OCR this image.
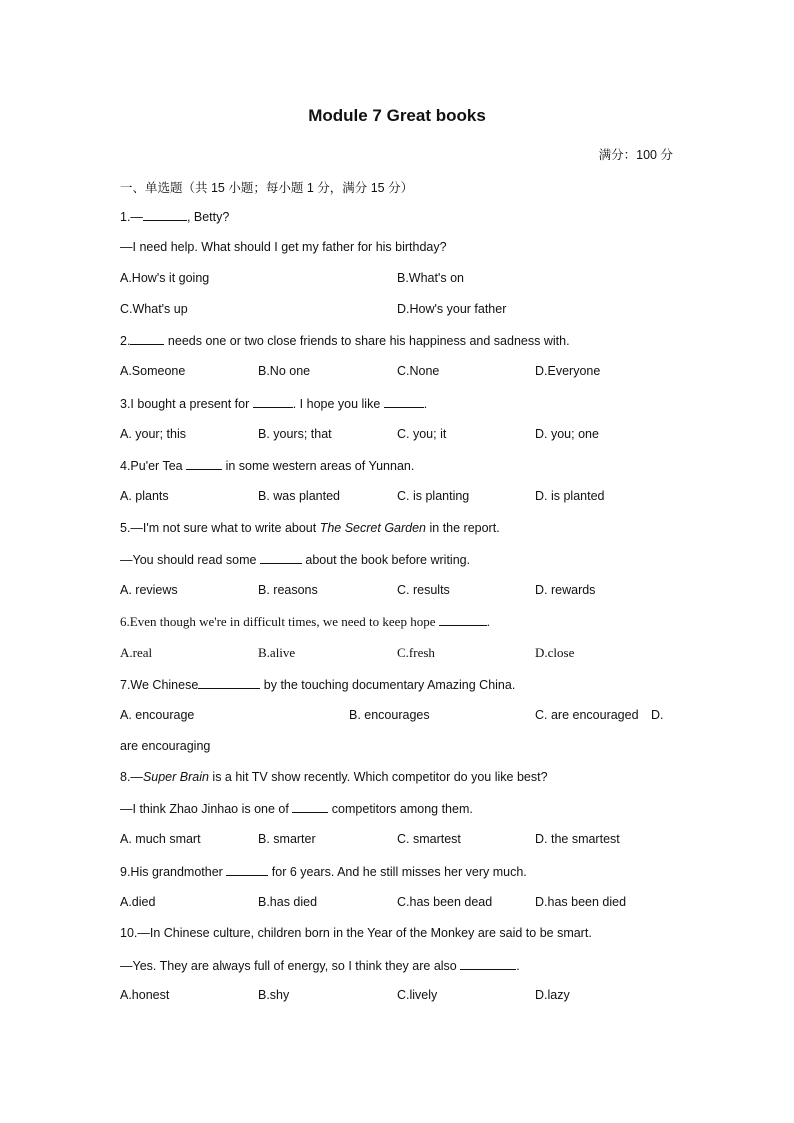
Module 7 Great books
满分：100 分
一、单选题（共 15 小题；每小题 1 分，满分 15 分）
1.—	, Betty?
—I need help. What should I get my father for his birthday?
A.How's it going	B.What's on
C.What's up	D.How's your father
2.	needs one or two close friends to share his happiness and sadness with.
A.Someone	B.No one	C.None	D.Everyone
3.I bought a present for	. I hope you like	.
A. your; this	B. yours; that	C. you; it	D. you; one
4.Pu'er Tea	in some western areas of Yunnan.
A. plants	B. was planted	C. is planting	D. is planted
5.—I'm not sure what to write about The Secret Garden in the report.
—You should read some	about the book before writing.
A. reviews	B. reasons	C. results	D. rewards
6.Even though we're in difficult times, we need to keep hope	.
A.real	B.alive	C.fresh	D.close
7.We Chinese	by the touching documentary Amazing China.
A. encourage	B. encourages	C. are encouraged D.
are encouraging
8.—Super Brain is a hit TV show recently. Which competitor do you like best?
—I think Zhao Jinhao is one of	competitors among them.
A. much smart	B. smarter	C. smartest	D. the smartest
9.His grandmother	for 6 years. And he still misses her very much.
A.died	B.has died	C.has been dead	D.has been died
10.—In Chinese culture, children born in the Year of the Monkey are said to be smart.
—Yes. They are always full of energy, so I think they are also	.
A.honest	B.shy	C.lively	D.lazy
